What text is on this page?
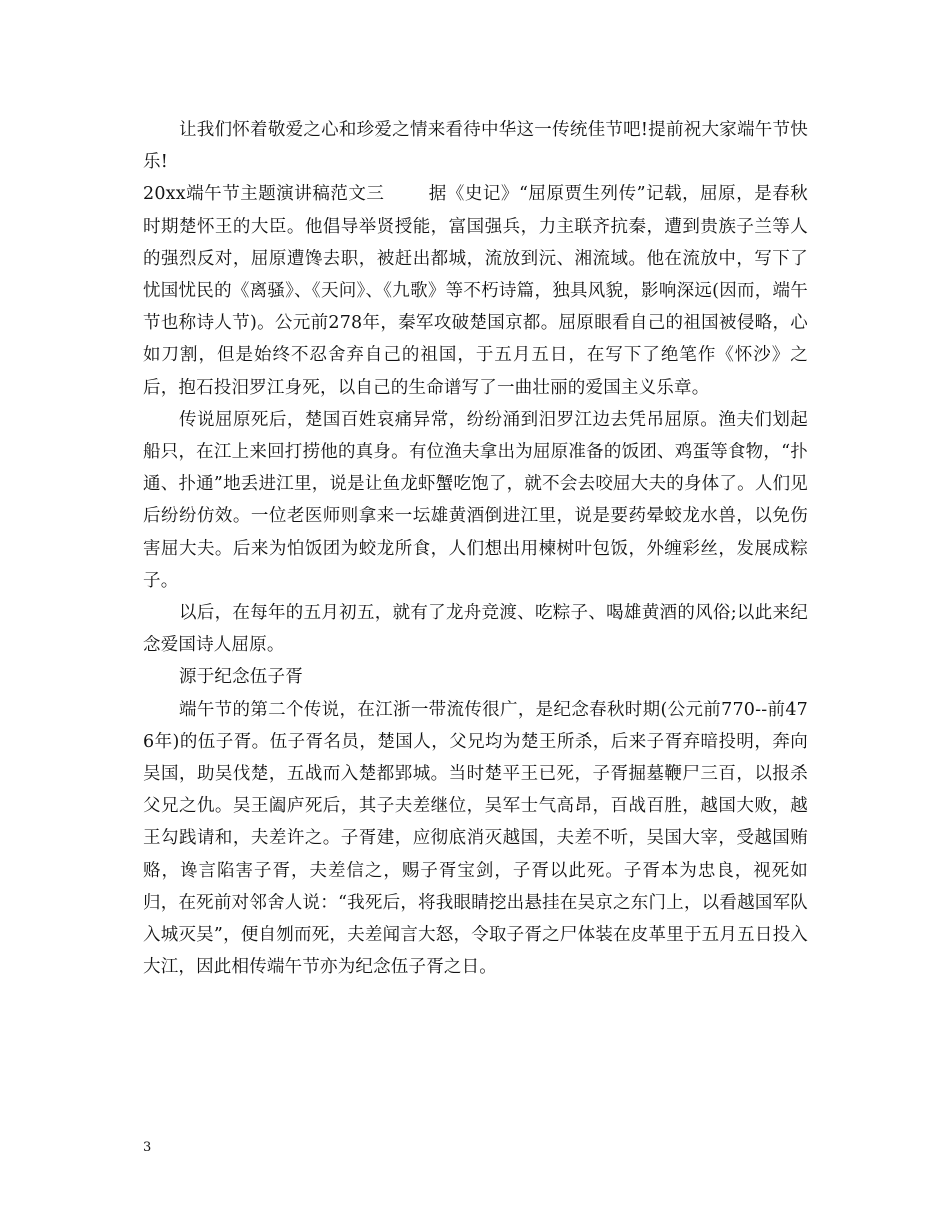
让我们怀着敬爱之心和珍爱之情来看待中华这一传统佳节吧!提前祝大家端午节快乐!

20xx端午节主题演讲稿范文三	据《史记》“屈原贾生列传”记载，屈原，是春秋时期楚怀王的大臣。他倡导举贤授能，富国强兵，力主联齐抗秦，遭到贵族子兰等人的强烈反对，屈原遭馋去职，被赶出都城，流放到沅、湘流域。他在流放中，写下了忧国忧民的《离骚》、《天问》、《九歌》等不朽诗篇，独具风貌，影响深远(因而，端午节也称诗人节)。公元前278年，秦军攻破楚国京都。屈原眼看自己的祖国被侵略，心如刀割，但是始终不忍舍弃自己的祖国，于五月五日，在写下了绝笔作《怀沙》之后，抱石投汨罗江身死，以自己的生命谱写了一曲壮丽的爱国主义乐章。

传说屈原死后，楚国百姓哀痛异常，纷纷涌到汨罗江边去凭吊屈原。渔夫们划起船只，在江上来回打捞他的真身。有位渔夫拿出为屈原准备的饭团、鸡蛋等食物，“扑通、扑通”地丢进江里，说是让鱼龙虾蟹吃饱了，就不会去咬屈大夫的身体了。人们见后纷纷仿效。一位老医师则拿来一坛雄黄酒倒进江里，说是要药晕蛟龙水兽，以免伤害屈大夫。后来为怕饭团为蛟龙所食，人们想出用楝树叶包饭，外缠彩丝，发展成粽子。

以后，在每年的五月初五，就有了龙舟竞渡、吃粽子、喝雄黄酒的风俗;以此来纪念爱国诗人屈原。

源于纪念伍子胥

端午节的第二个传说，在江浙一带流传很广，是纪念春秋时期(公元前770--前476年)的伍子胥。伍子胥名员，楚国人，父兄均为楚王所杀，后来子胥弃暗投明，奔向吴国，助吴伐楚，五战而入楚都郢城。当时楚平王已死，子胥掘墓鞭尸三百，以报杀父兄之仇。吴王阖庐死后，其子夫差继位，吴军士气高昂，百战百胜，越国大败，越王勾践请和，夫差许之。子胥建，应彻底消灭越国，夫差不听，吴国大宰，受越国贿赂，谗言陷害子胥，夫差信之，赐子胥宝剑，子胥以此死。子胥本为忠良，视死如归，在死前对邻舍人说：“我死后，将我眼睛挖出悬挂在吴京之东门上，以看越国军队入城灭吴”，便自刎而死，夫差闻言大怒，令取子胥之尸体装在皮革里于五月五日投入大江，因此相传端午节亦为纪念伍子胥之日。

3
